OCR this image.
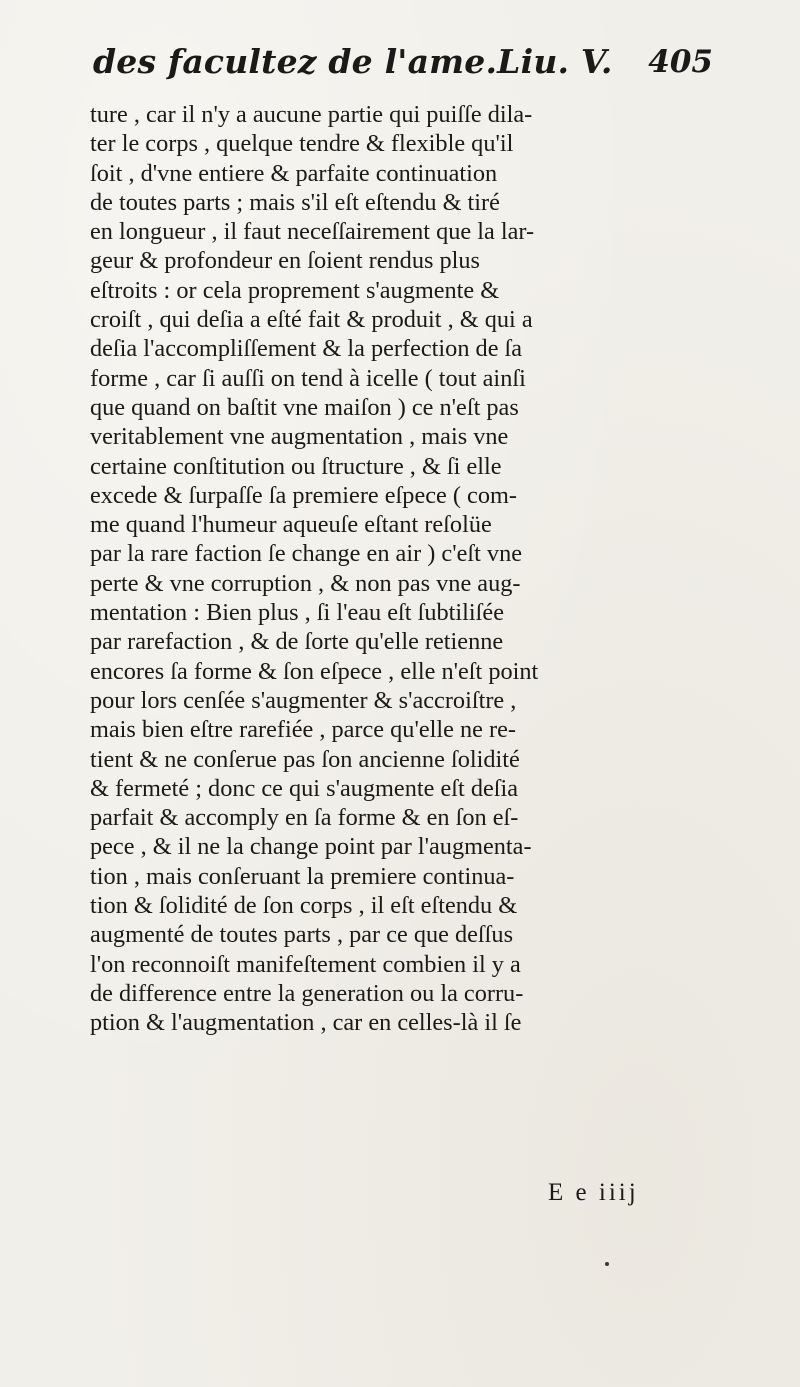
des facultez de l'ame.Liu. V. 405
ture , car il n'y a aucune partie qui puiſſe dila-
ter le corps , quelque tendre & flexible qu'il
ſoit , d'vne entiere & parfaite continuation
de toutes parts ; mais s'il eſt eſtendu & tiré
en longueur , il faut neceſſairement que la lar-
geur & profondeur en ſoient rendus plus
eſtroits : or cela proprement s'augmente &
croiſt , qui deſia a eſté fait & produit , & qui a
deſia l'accompliſſement & la perfection de ſa
forme , car ſi auſſi on tend à icelle ( tout ainſi
que quand on baſtit vne maiſon ) ce n'eſt pas
veritablement vne augmentation , mais vne
certaine conſtitution ou ſtructure , & ſi elle
excede & ſurpaſſe ſa premiere eſpece ( com-
me quand l'humeur aqueuſe eſtant reſolüe
par la rare faction ſe change en air ) c'eſt vne
perte & vne corruption , & non pas vne aug-
mentation : Bien plus , ſi l'eau eſt ſubtiliſée
par rarefaction , & de ſorte qu'elle retienne
encores ſa forme & ſon eſpece , elle n'eſt point
pour lors cenſée s'augmenter & s'accroiſtre ,
mais bien eſtre rarefiée , parce qu'elle ne re-
tient & ne conſerue pas ſon ancienne ſolidité
& fermeté ; donc ce qui s'augmente eſt deſia
parfait & accomply en ſa forme & en ſon eſ-
pece , & il ne la change point par l'augmenta-
tion , mais conſeruant la premiere continua-
tion & ſolidité de ſon corps , il eſt eſtendu &
augmenté de toutes parts , par ce que deſſus
l'on reconnoiſt manifeſtement combien il y a
de difference entre la generation ou la corru-
ption & l'augmentation , car en celles-là il ſe
E e iiij
